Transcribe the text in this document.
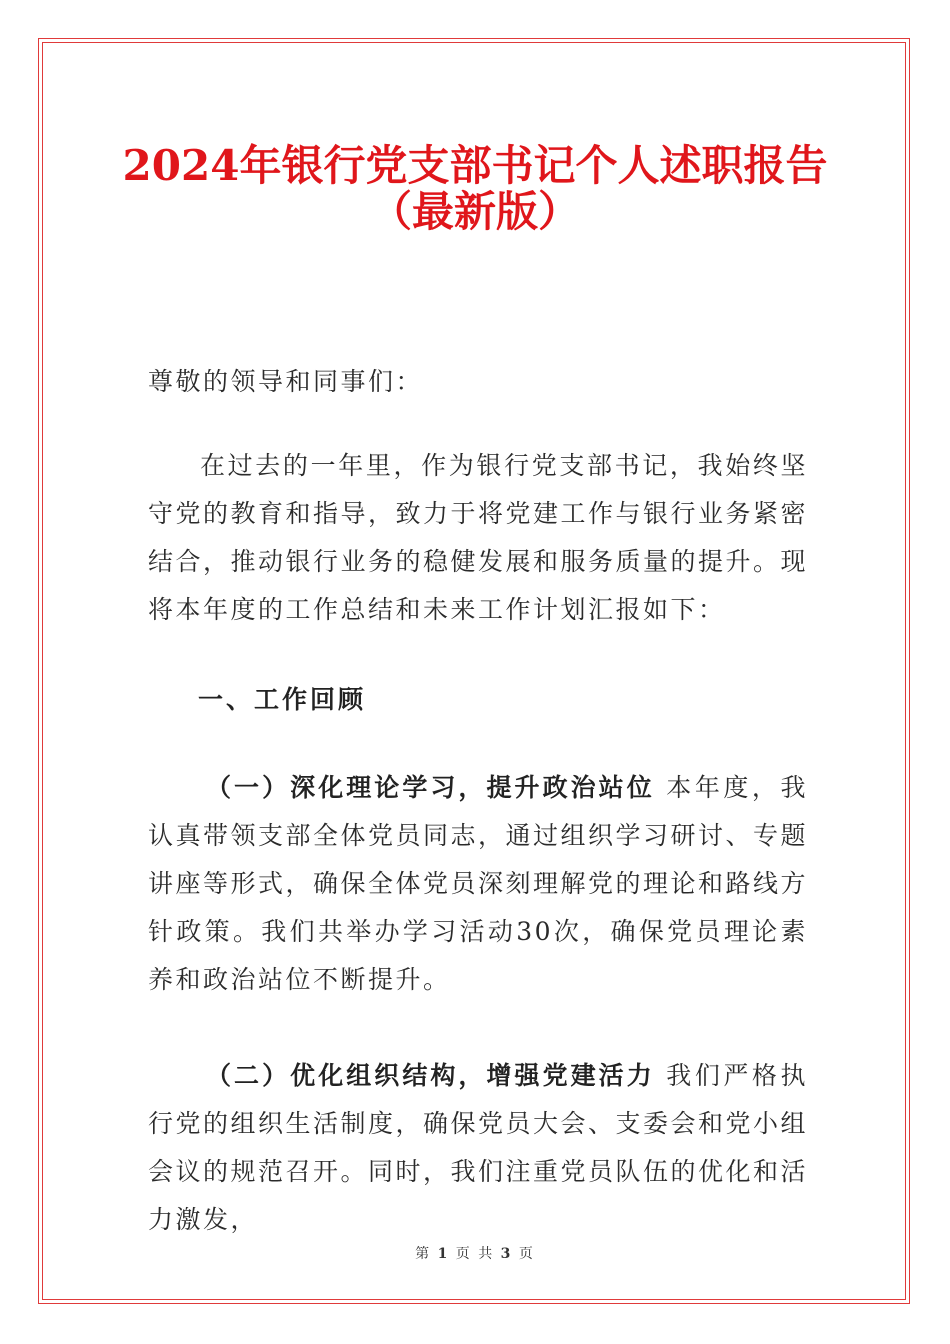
2024年银行党支部书记个人述职报告
（最新版）
尊敬的领导和同事们：
在过去的一年里，作为银行党支部书记，我始终坚守党的教育和指导，致力于将党建工作与银行业务紧密结合，推动银行业务的稳健发展和服务质量的提升。现将本年度的工作总结和未来工作计划汇报如下：
一、工作回顾
（一）深化理论学习，提升政治站位 本年度，我认真带领支部全体党员同志，通过组织学习研讨、专题讲座等形式，确保全体党员深刻理解党的理论和路线方针政策。我们共举办学习活动30次，确保党员理论素养和政治站位不断提升。
（二）优化组织结构，增强党建活力 我们严格执行党的组织生活制度，确保党员大会、支委会和党小组会议的规范召开。同时，我们注重党员队伍的优化和活力激发，
第 1 页 共 3 页
